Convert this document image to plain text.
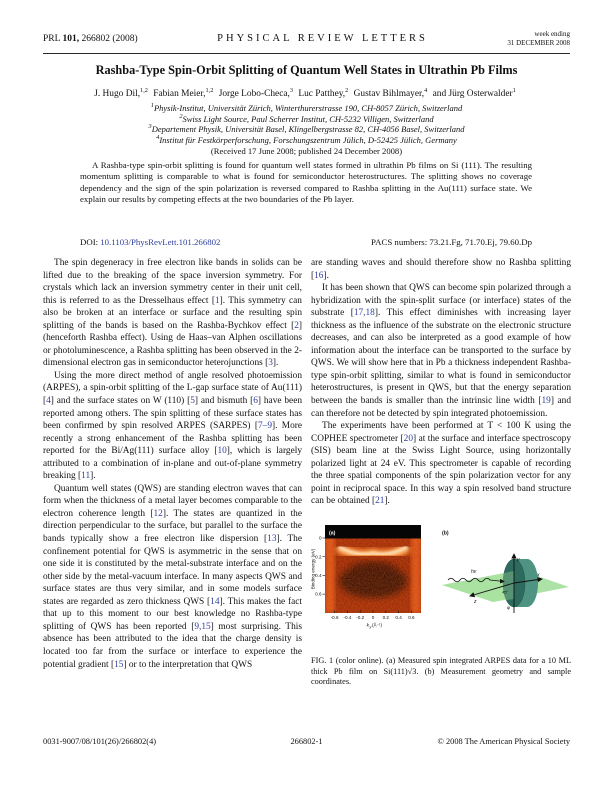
PRL 101, 266802 (2008)	PHYSICAL REVIEW LETTERS	week ending
31 DECEMBER 2008
Rashba-Type Spin-Orbit Splitting of Quantum Well States in Ultrathin Pb Films
J. Hugo Dil,$^{1,2}$ Fabian Meier,$^{1,2}$ Jorge Lobo-Checa,$^3$ Luc Patthey,$^2$ Gustav Bihlmayer,$^4$ and Jürg Osterwalder$^1$
$^1$Physik-Institut, Universität Zürich, Winterthurerstrasse 190, CH-8057 Zürich, Switzerland
$^2$Swiss Light Source, Paul Scherrer Institut, CH-5232 Villigen, Switzerland
$^3$Departement Physik, Universität Basel, Klingelbergstrasse 82, CH-4056 Basel, Switzerland
$^4$Institut für Festkörperforschung, Forschungszentrum Jülich, D-52425 Jülich, Germany
(Received 17 June 2008; published 24 December 2008)
A Rashba-type spin-orbit splitting is found for quantum well states formed in ultrathin Pb films on Si (111). The resulting momentum splitting is comparable to what is found for semiconductor heterostructures. The splitting shows no coverage dependency and the sign of the spin polarization is reversed compared to Rashba splitting in the Au(111) surface state. We explain our results by competing effects at the two boundaries of the Pb layer.
DOI: 10.1103/PhysRevLett.101.266802	PACS numbers: 73.21.Fg, 71.70.Ej, 79.60.Dp

The spin degeneracy in free electron like bands in solids can be lifted due to the breaking of the space inversion symmetry. For crystals which lack an inversion symmetry center in their unit cell, this is referred to as the Dresselhaus effect [1]. This symmetry can also be broken at an interface or surface and the resulting spin splitting of the bands is based on the Rashba-Bychkov effect [2] (henceforth Rashba effect). Using de Haas–van Alphen oscillations or photoluminescence, a Rashba splitting has been observed in the 2-dimensional electron gas in semiconductor heterojunctions [3].

Using the more direct method of angle resolved photoemission (ARPES), a spin-orbit splitting of the L-gap surface state of Au(111) [4] and the surface states on W (110) [5] and bismuth [6] have been reported among others. The spin splitting of these surface states has been confirmed by spin resolved ARPES (SARPES) [7–9]. More recently a strong enhancement of the Rashba splitting has been reported for the Bi/Ag(111) surface alloy [10], which is largely attributed to a combination of in-plane and out-of-plane symmetry breaking [11].

Quantum well states (QWS) are standing electron waves that can form when the thickness of a metal layer becomes comparable to the electron coherence length [12]. The states are quantized in the direction perpendicular to the surface, but parallel to the surface the bands typically show a free electron like dispersion [13]. The confinement potential for QWS is asymmetric in the sense that on one side it is constituted by the metal-substrate interface and on the other side by the metal-vacuum interface. In many aspects QWS and surface states are thus very similar, and in some models surface states are regarded as zero thickness QWS [14]. This makes the fact that up to this moment to our best knowledge no Rashba-type splitting of QWS has been reported [9,15] most surprising. This absence has been attributed to the idea that the charge density is located too far from the surface or interface to experience the potential gradient [15] or to the interpretation that QWS

are standing waves and should therefore show no Rashba splitting [16].

It has been shown that QWS can become spin polarized through a hybridization with the spin-split surface (or interface) states of the substrate [17,18]. This effect diminishes with increasing layer thickness as the influence of the substrate on the electronic structure decreases, and can also be interpreted as a good example of how information about the interface can be transported to the surface by QWS. We will show here that in Pb a thickness independent Rashba-type spin-orbit splitting, similar to what is found in semiconductor heterostructures, is present in QWS, but that the energy separation between the bands is smaller than the intrinsic line width [19] and can therefore not be detected by spin integrated photoemission.

The experiments have been performed at T < 100 K using the COPHEE spectrometer [20] at the surface and interface spectroscopy (SIS) beam line at the Swiss Light Source, using horizontally polarized light at 24 eV. This spectrometer is capable of recording the three spatial components of the spin polarization vector for any point in reciprocal space. In this way a spin resolved band structure can be obtained [21].

(a)
Binding energy (eV)
0
0.2
0.4
0.6
-0.6 -0.4 -0.2 0 0.2 0.4 0.6
k y (Å⁻¹)
(b)
hν
y
x
z
45°
φ
FIG. 1 (color online). (a) Measured spin integrated ARPES data for a 10 ML thick Pb film on Si(111)√3. (b) Measurement geometry and sample coordinates.
0031-9007/08/101(26)/266802(4)	266802-1	© 2008 The American Physical Society
